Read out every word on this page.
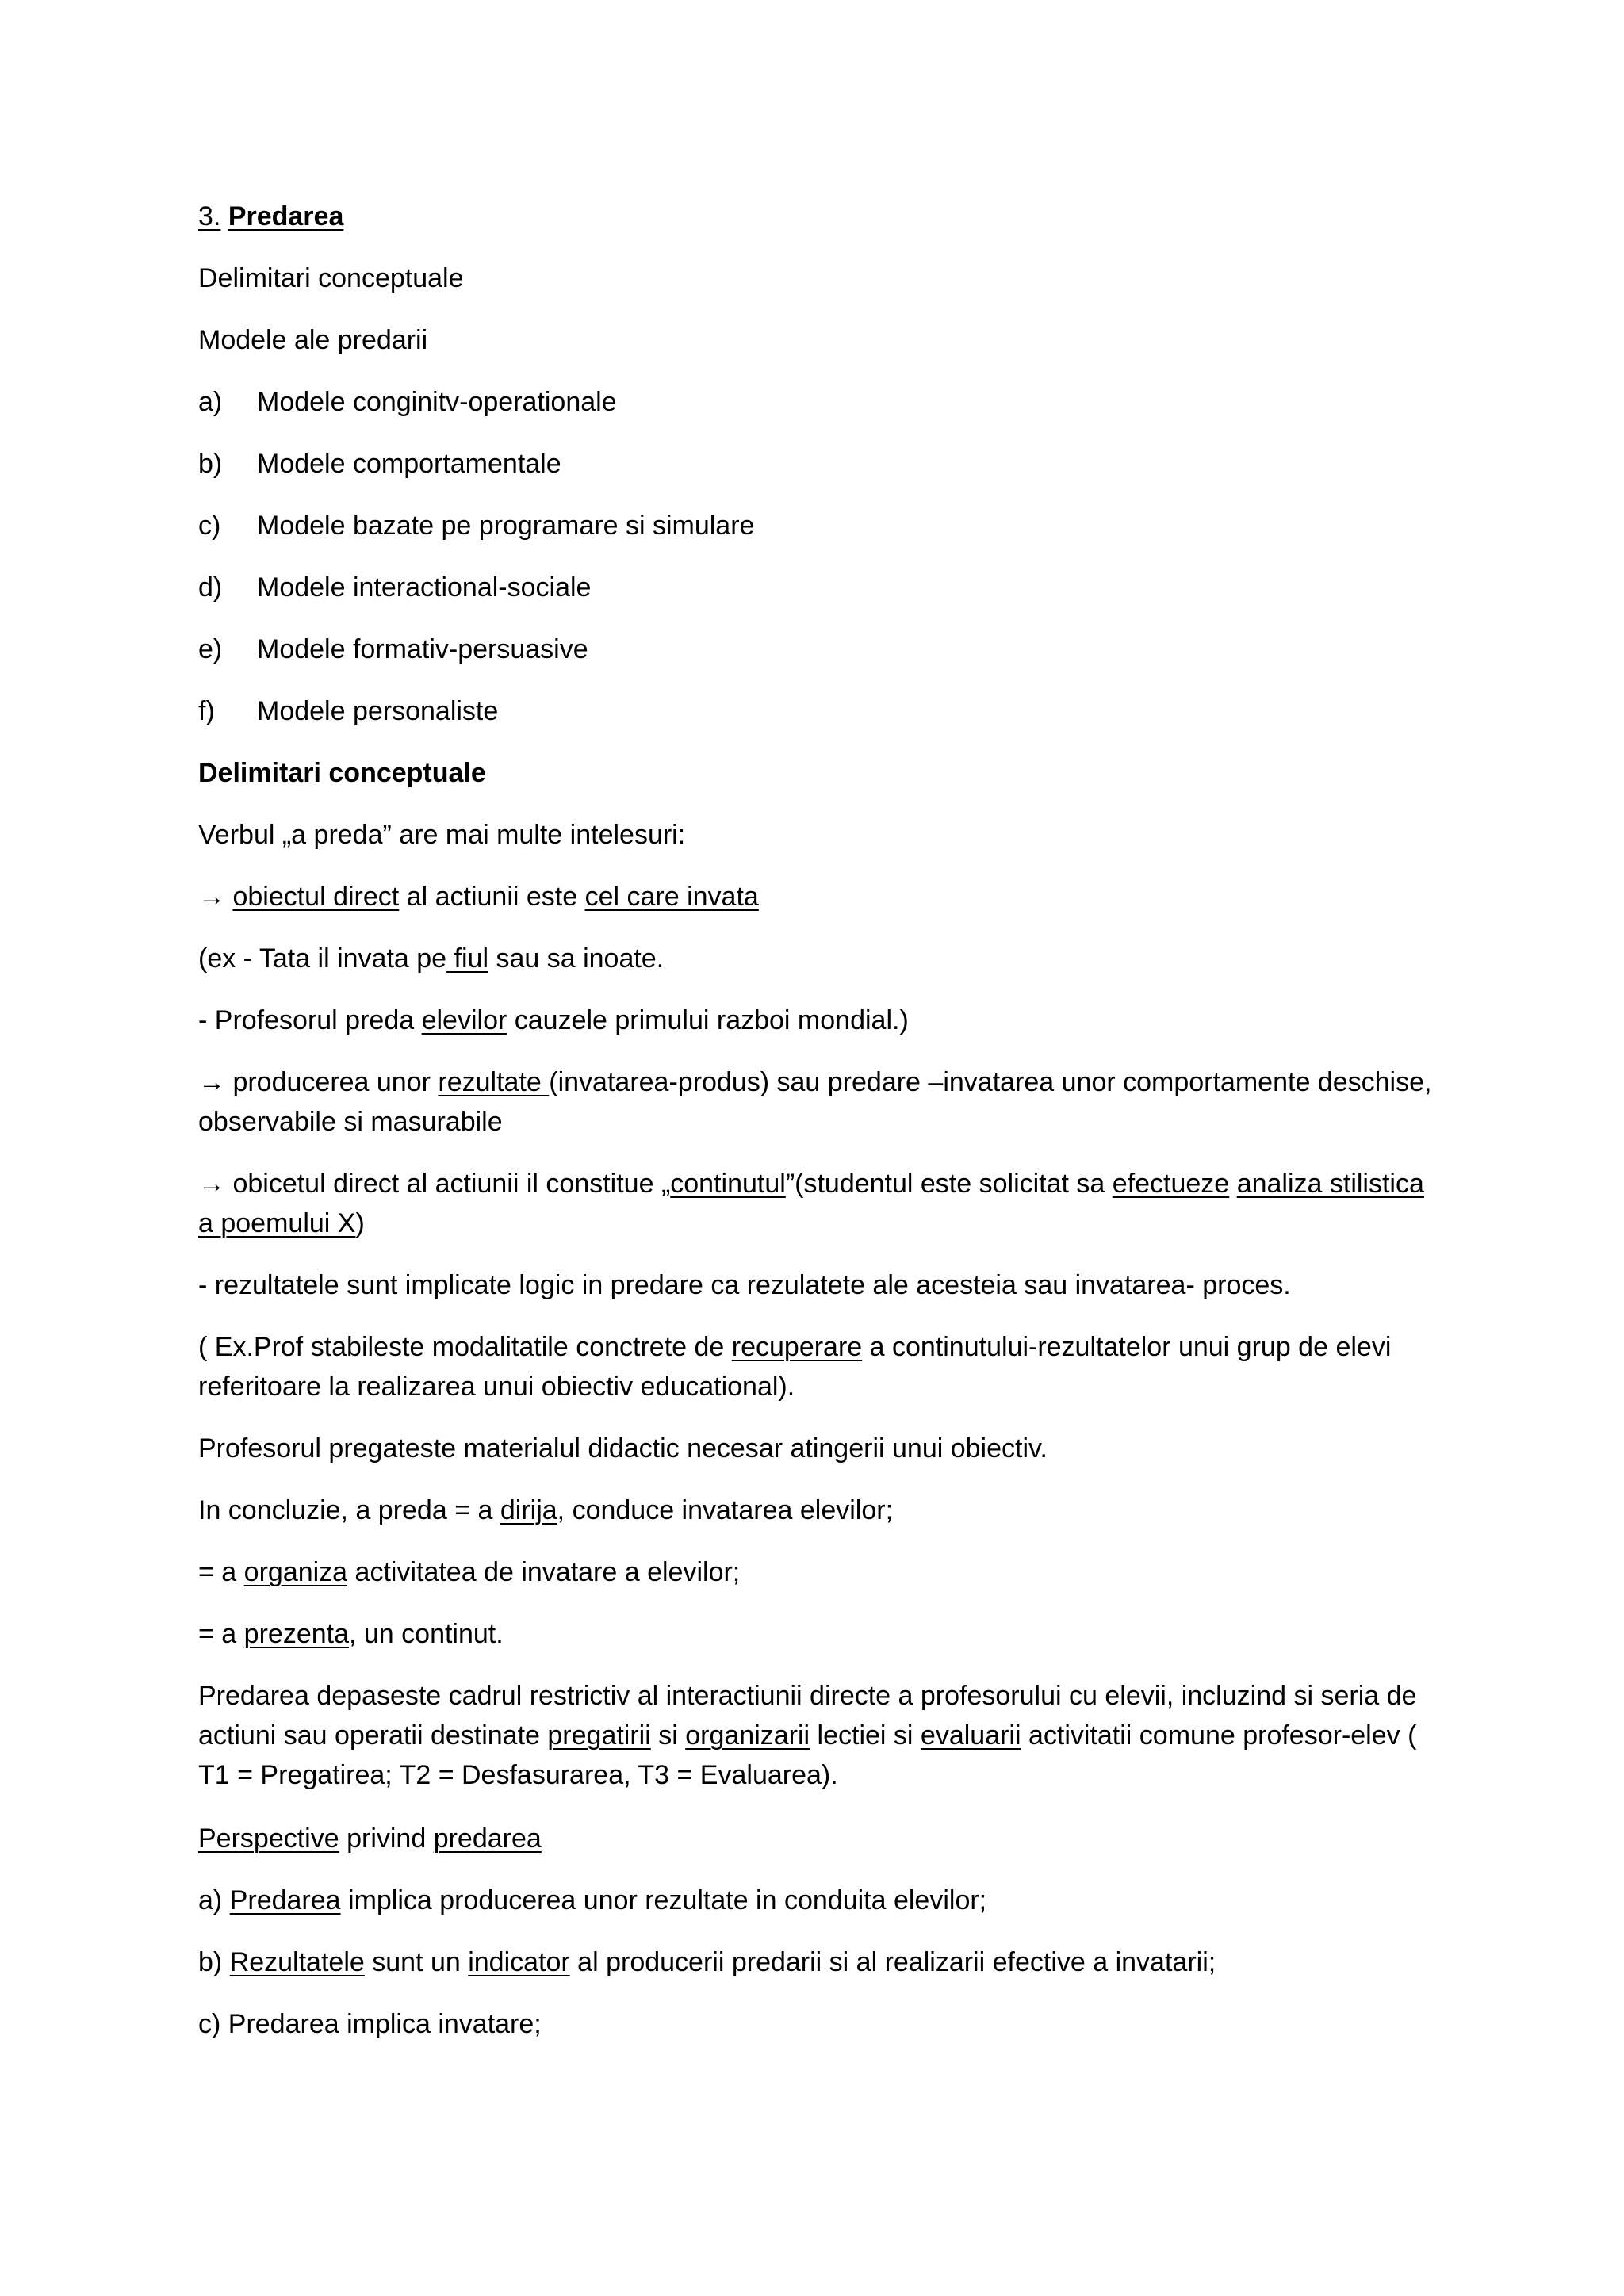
3. Predarea
Delimitari conceptuale
Modele ale predarii
a) Modele conginitv-operationale
b) Modele comportamentale
c) Modele bazate pe programare si simulare
d) Modele interactional-sociale
e) Modele formativ-persuasive
f) Modele personaliste
Delimitari conceptuale
Verbul „a preda” are mai multe intelesuri:
→ obiectul direct al actiunii este cel care invata
(ex - Tata il invata pe fiul sau sa inoate.
- Profesorul preda elevilor cauzele primului razboi mondial.)
→ producerea unor rezultate (invatarea-produs) sau predare –invatarea unor comportamente deschise, observabile si masurabile
→ obicetul direct al actiunii il constitue „continutul”(studentul este solicitat sa efectueze analiza stilistica a poemului X)
- rezultatele sunt implicate logic in predare ca rezulatete ale acesteia sau invatarea- proces.
( Ex.Prof stabileste modalitatile conctrete de recuperare a continutului-rezultatelor unui grup de elevi referitoare la realizarea unui obiectiv educational).
Profesorul pregateste materialul didactic necesar atingerii unui obiectiv.
In concluzie, a preda = a dirija, conduce invatarea elevilor;
= a organiza activitatea de invatare a elevilor;
= a prezenta, un continut.
Predarea depaseste cadrul restrictiv al interactiunii directe a profesorului cu elevii, incluzind si seria de actiuni sau operatii destinate pregatirii si organizarii lectiei si evaluarii activitatii comune profesor-elev ( T1 = Pregatirea; T2 = Desfasurarea, T3 = Evaluarea).
Perspective privind predarea
a) Predarea implica producerea unor rezultate in conduita elevilor;
b) Rezultatele sunt un indicator al producerii predarii si al realizarii efective a invatarii;
c) Predarea implica invatare;
